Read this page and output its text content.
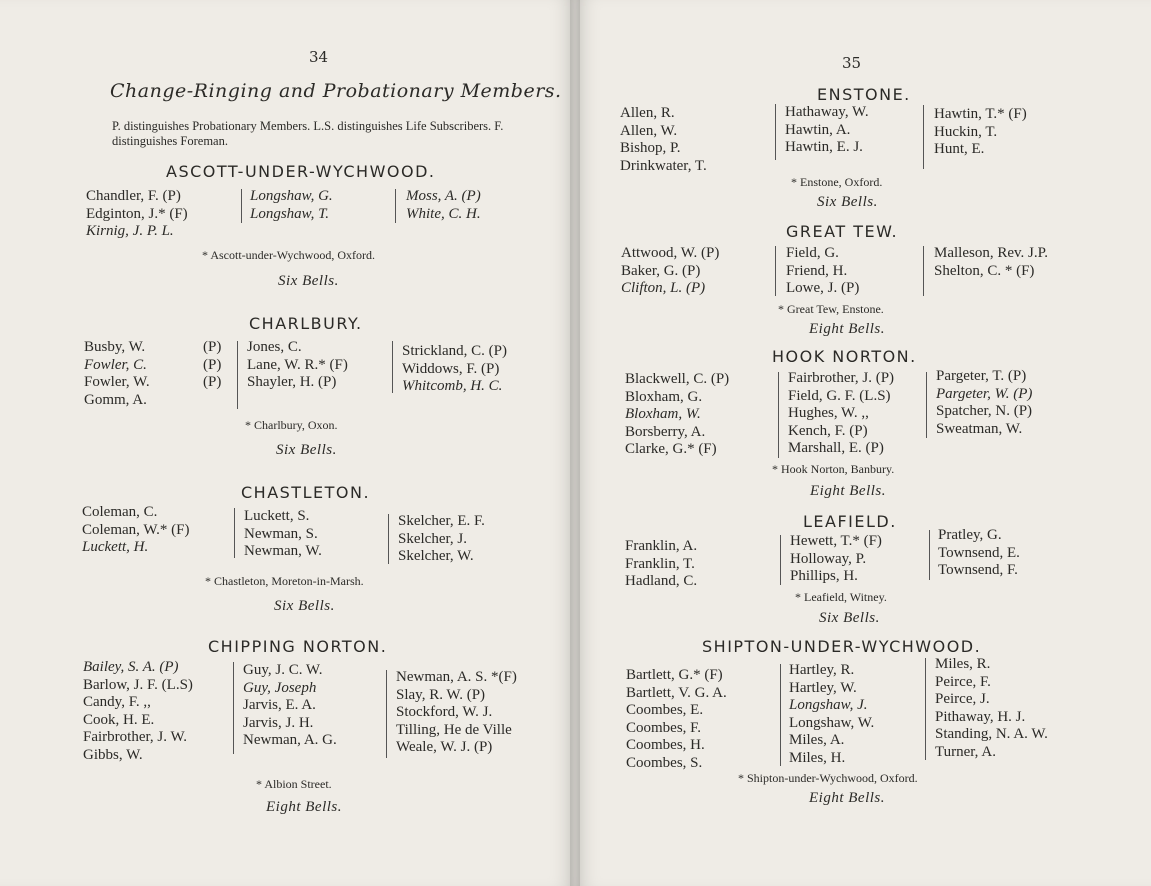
34
Change-Ringing and Probationary Members.
P. distinguishes Probationary Members. L.S. distinguishes Life Subscribers. F. distinguishes Foreman.
ASCOTT-UNDER-WYCHWOOD.
Chandler, F. (P)
Edginton, J.* (F)
Kirnig, J. P. L.
Longshaw, G.
Longshaw, T.
Moss, A. (P)
White, C. H.
* Ascott-under-Wychwood, Oxford.
Six Bells.
CHARLBURY.
Busby, W.
Fowler, C.
Fowler, W.
Gomm, A.
(P)
(P)
(P)
Jones, C.
Lane, W. R.* (F)
Shayler, H. (P)
Strickland, C. (P)
Widdows, F. (P)
Whitcomb, H. C.
* Charlbury, Oxon.
Six Bells.
CHASTLETON.
Coleman, C.
Coleman, W.* (F)
Luckett, H.
Luckett, S.
Newman, S.
Newman, W.
Skelcher, E. F.
Skelcher, J.
Skelcher, W.
* Chastleton, Moreton-in-Marsh.
Six Bells.
CHIPPING NORTON.
Bailey, S. A. (P)
Barlow, J. F. (L.S)
Candy, F. ,,
Cook, H. E.
Fairbrother, J. W.
Gibbs, W.
Guy, J. C. W.
Guy, Joseph
Jarvis, E. A.
Jarvis, J. H.
Newman, A. G.
Newman, A. S. *(F)
Slay, R. W. (P)
Stockford, W. J.
Tilling, He de Ville
Weale, W. J. (P)
* Albion Street.
Eight Bells.
35
ENSTONE.
Allen, R.
Allen, W.
Bishop, P.
Drinkwater, T.
Hathaway, W.
Hawtin, A.
Hawtin, E. J.
Hawtin, T.* (F)
Huckin, T.
Hunt, E.
* Enstone, Oxford.
Six Bells.
GREAT TEW.
Attwood, W. (P)
Baker, G. (P)
Clifton, L. (P)
Field, G.
Friend, H.
Lowe, J. (P)
Malleson, Rev. J.P.
Shelton, C. * (F)
* Great Tew, Enstone.
Eight Bells.
HOOK NORTON.
Blackwell, C. (P)
Bloxham, G.
Bloxham, W.
Borsberry, A.
Clarke, G.* (F)
Fairbrother, J. (P)
Field, G. F. (L.S)
Hughes, W. ,,
Kench, F. (P)
Marshall, E. (P)
Pargeter, T. (P)
Pargeter, W. (P)
Spatcher, N. (P)
Sweatman, W.
* Hook Norton, Banbury.
Eight Bells.
LEAFIELD.
Franklin, A.
Franklin, T.
Hadland, C.
Hewett, T.* (F)
Holloway, P.
Phillips, H.
Pratley, G.
Townsend, E.
Townsend, F.
* Leafield, Witney.
Six Bells.
SHIPTON-UNDER-WYCHWOOD.
Bartlett, G.* (F)
Bartlett, V. G. A.
Coombes, E.
Coombes, F.
Coombes, H.
Coombes, S.
Hartley, R.
Hartley, W.
Longshaw, J.
Longshaw, W.
Miles, A.
Miles, H.
Miles, R.
Peirce, F.
Peirce, J.
Pithaway, H. J.
Standing, N. A. W.
Turner, A.
* Shipton-under-Wychwood, Oxford.
Eight Bells.
